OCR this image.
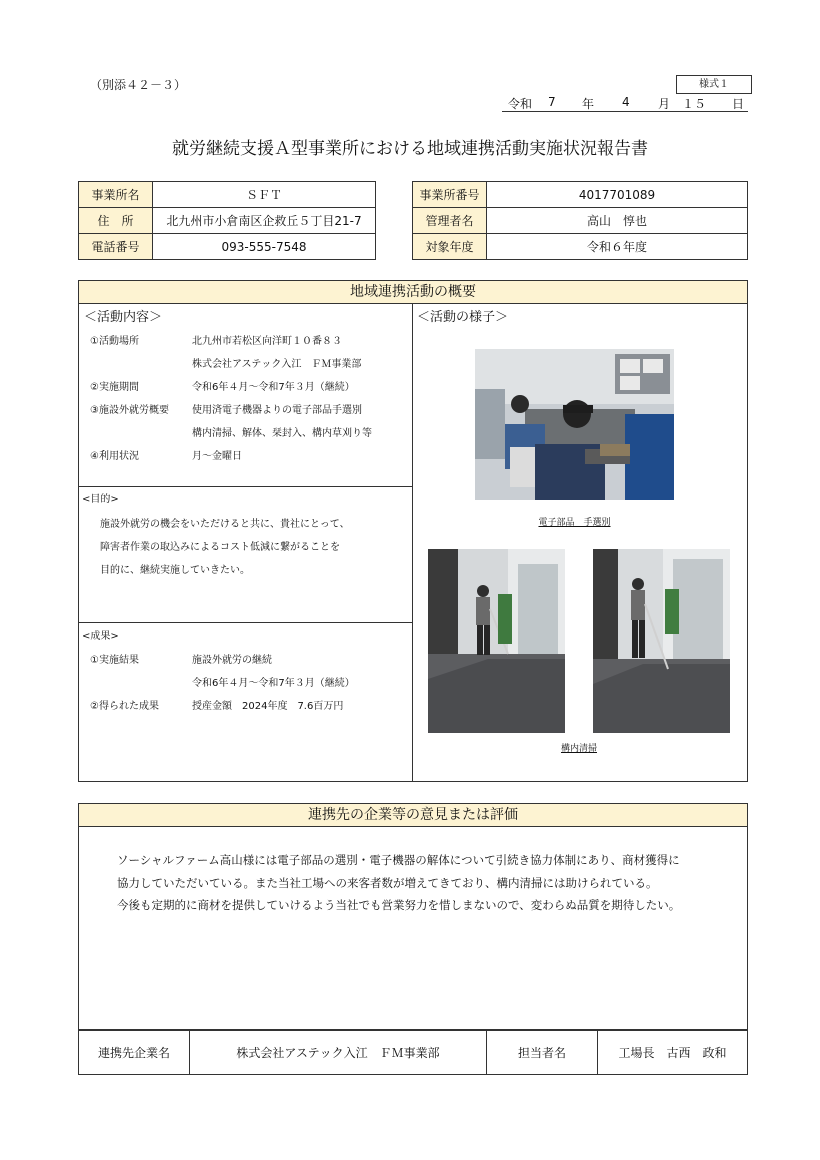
（別添４２－３）	様式１
令和 7 年 4 月 １５ 日
就労継続支援Ａ型事業所における地域連携活動実施状況報告書
事業所名	ＳＦＴ
住　所	北九州市小倉南区企救丘５丁目21-7
電話番号	093-555-7548
事業所番号	4017701089
管理者名	高山　惇也
対象年度	令和６年度
地域連携活動の概要
＜活動内容＞
①活動場所	北九州市若松区向洋町１０番８３
株式会社アステック入江　ＦＭ事業部
②実施期間	令和6年４月～令和7年３月（継続）
③施設外就労概要 使用済電子機器よりの電子部品手選別
構内清掃、解体、栞封入、構内草刈り等
④利用状況	月～金曜日
<目的>
施設外就労の機会をいただけると共に、貴社にとって、
障害者作業の取込みによるコスト低減に繋がることを
目的に、継続実施していきたい。
<成果>
①実施結果	施設外就労の継続
令和6年４月～令和7年３月（継続）
②得られた成果	授産金額　2024年度　7.6百万円
＜活動の様子＞
電子部品　手選別
構内清掃
連携先の企業等の意見または評価
ソーシャルファーム高山様には電子部品の選別・電子機器の解体について引続き協力体制にあり、商材獲得に
協力していただいている。また当社工場への来客者数が増えてきており、構内清掃には助けられている。
今後も定期的に商材を提供していけるよう当社でも営業努力を惜しまないので、変わらぬ品質を期待したい。
連携先企業名	株式会社アステック入江　ＦＭ事業部	担当者名	工場長　古西　政和
